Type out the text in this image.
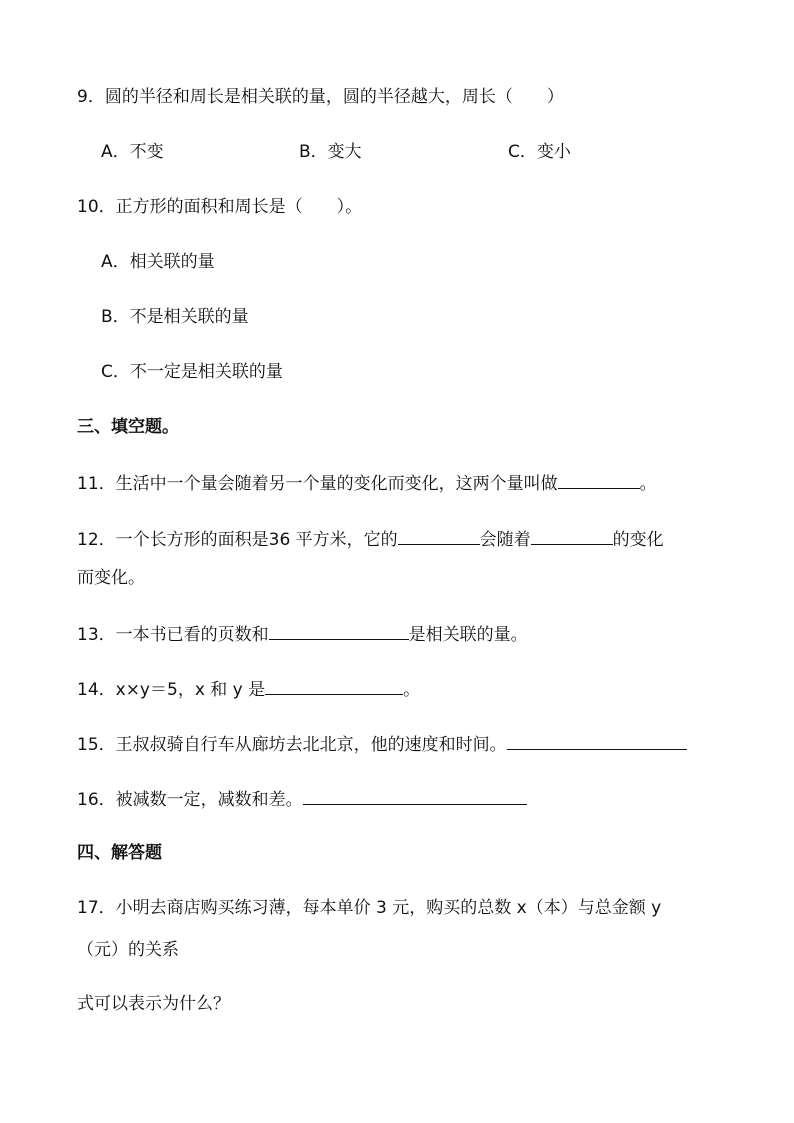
9．圆的半径和周长是相关联的量，圆的半径越大，周长（　　）
A．不变	B．变大	C．变小
10．正方形的面积和周长是（　　）。
A．相关联的量
B．不是相关联的量
C．不一定是相关联的量
三、填空题。
11．生活中一个量会随着另一个量的变化而变化，这两个量叫做	。
12．一个长方形的面积是36 平方米，它的	会随着	的变化
而变化。
13．一本书已看的页数和	是相关联的量。
14．x×y＝5，x 和 y 是	。
15．王叔叔骑自行车从廊坊去北北京，他的速度和时间。
16．被减数一定，减数和差。
四、解答题
17．小明去商店购买练习薄，每本单价 3 元，购买的总数 x（本）与总金额 y
（元）的关系
式可以表示为什么？
